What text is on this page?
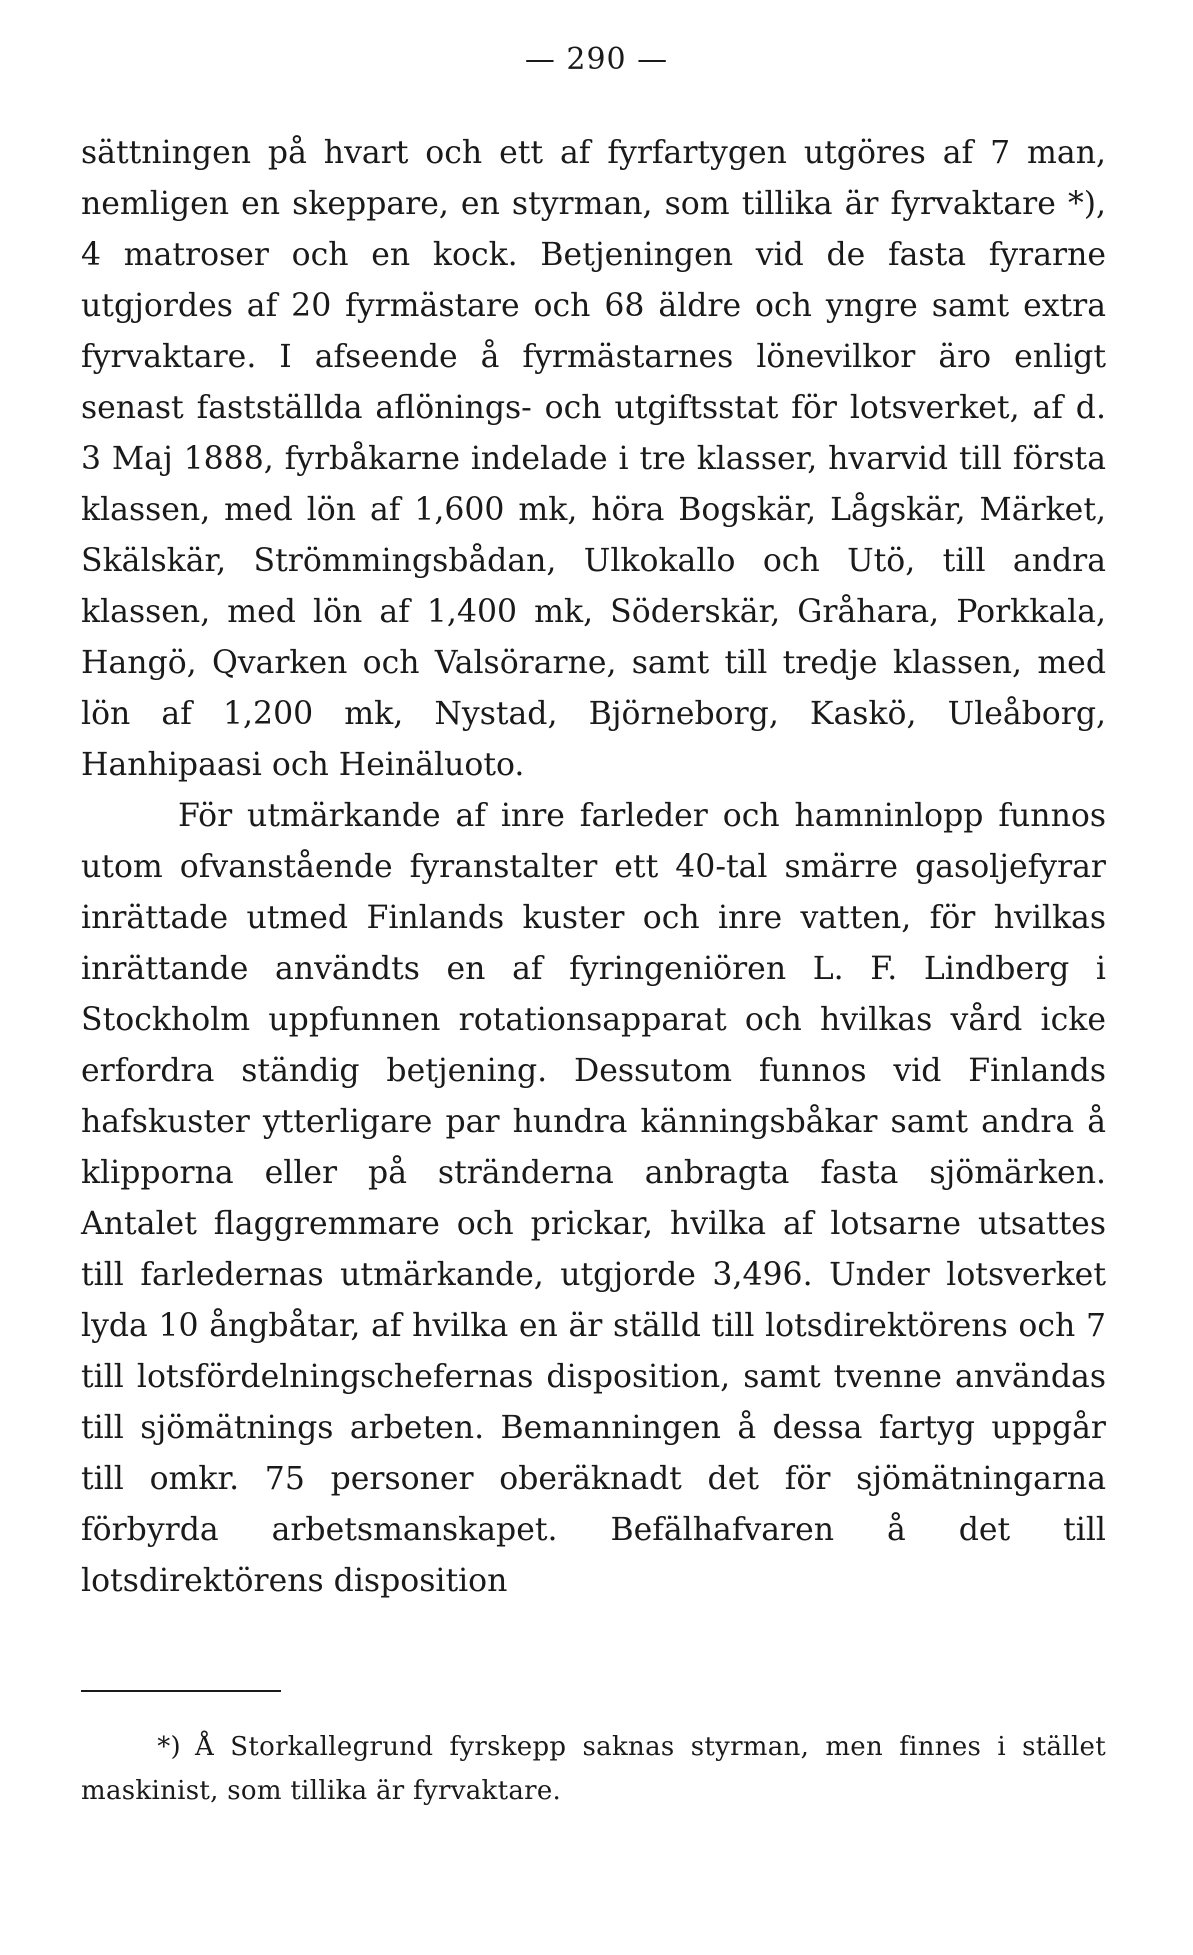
— 290 —

sättningen på hvart och ett af fyrfartygen utgöres af 7 man, nemligen en skeppare, en styrman, som tillika är fyrvaktare *), 4 matroser och en kock. Betjeningen vid de fasta fyrarne utgjordes af 20 fyrmästare och 68 äldre och yngre samt extra fyrvaktare. I afseende å fyrmästarnes lönevilkor äro enligt senast fastställda aflönings- och utgiftsstat för lotsverket, af d. 3 Maj 1888, fyrbåkarne indelade i tre klasser, hvarvid till första klassen, med lön af 1,600 mk, höra Bogskär, Lågskär, Märket, Skälskär, Strömmingsbådan, Ulkokallo och Utö, till andra klassen, med lön af 1,400 mk, Söderskär, Gråhara, Porkkala, Hangö, Qvarken och Valsörarne, samt till tredje klassen, med lön af 1,200 mk, Nystad, Björneborg, Kaskö, Uleåborg, Hanhipaasi och Heinäluoto.

För utmärkande af inre farleder och hamninlopp funnos utom ofvanstående fyranstalter ett 40-tal smärre gasoljefyrar inrättade utmed Finlands kuster och inre vatten, för hvilkas inrättande användts en af fyringeniören L. F. Lindberg i Stockholm uppfunnen rotationsapparat och hvilkas vård icke erfordra ständig betjening. Dessutom funnos vid Finlands hafskuster ytterligare par hundra känningsbåkar samt andra å klipporna eller på stränderna anbragta fasta sjömärken. Antalet flaggremmare och prickar, hvilka af lotsarne utsattes till farledernas utmärkande, utgjorde 3,496. Under lotsverket lyda 10 ångbåtar, af hvilka en är ställd till lotsdirektörens och 7 till lotsfördelningschefernas disposition, samt tvenne användas till sjömätnings arbeten. Bemanningen å dessa fartyg uppgår till omkr. 75 personer oberäknadt det för sjömätningarna förbyrda arbetsmanskapet. Befälhafvaren å det till lotsdirektörens disposition

*) Å Storkallegrund fyrskepp saknas styrman, men finnes i stället maskinist, som tillika är fyrvaktare.
